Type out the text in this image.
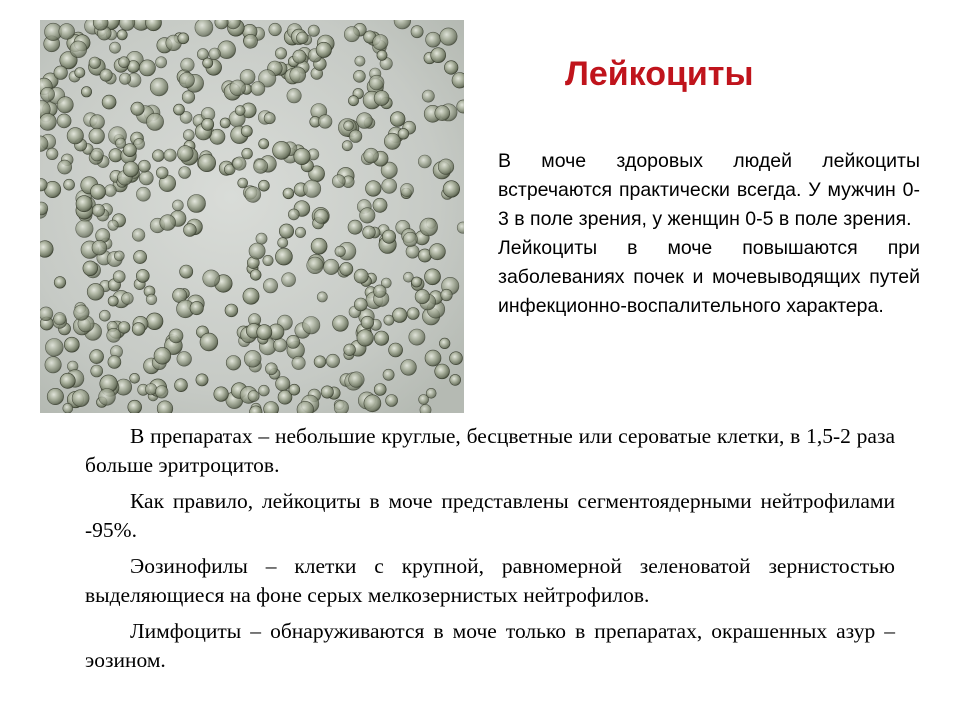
Лейкоциты

В моче здоровых людей лейкоциты встречаются практически всегда. У мужчин 0-3 в поле зрения, у женщин 0-5 в поле зрения.

Лейкоциты в моче повышаются при заболеваниях почек и мочевыводящих путей инфекционно-воспалительного характера.

В препаратах – небольшие круглые, бесцветные или сероватые клетки, в 1,5-2 раза больше эритроцитов.

Как правило, лейкоциты в моче представлены сегментоядерными нейтрофилами -95%.

Эозинофилы – клетки с крупной, равномерной зеленоватой зернистостью выделяющиеся на фоне серых мелкозернистых нейтрофилов.

Лимфоциты – обнаруживаются в моче только в препаратах, окрашенных азур – эозином.
